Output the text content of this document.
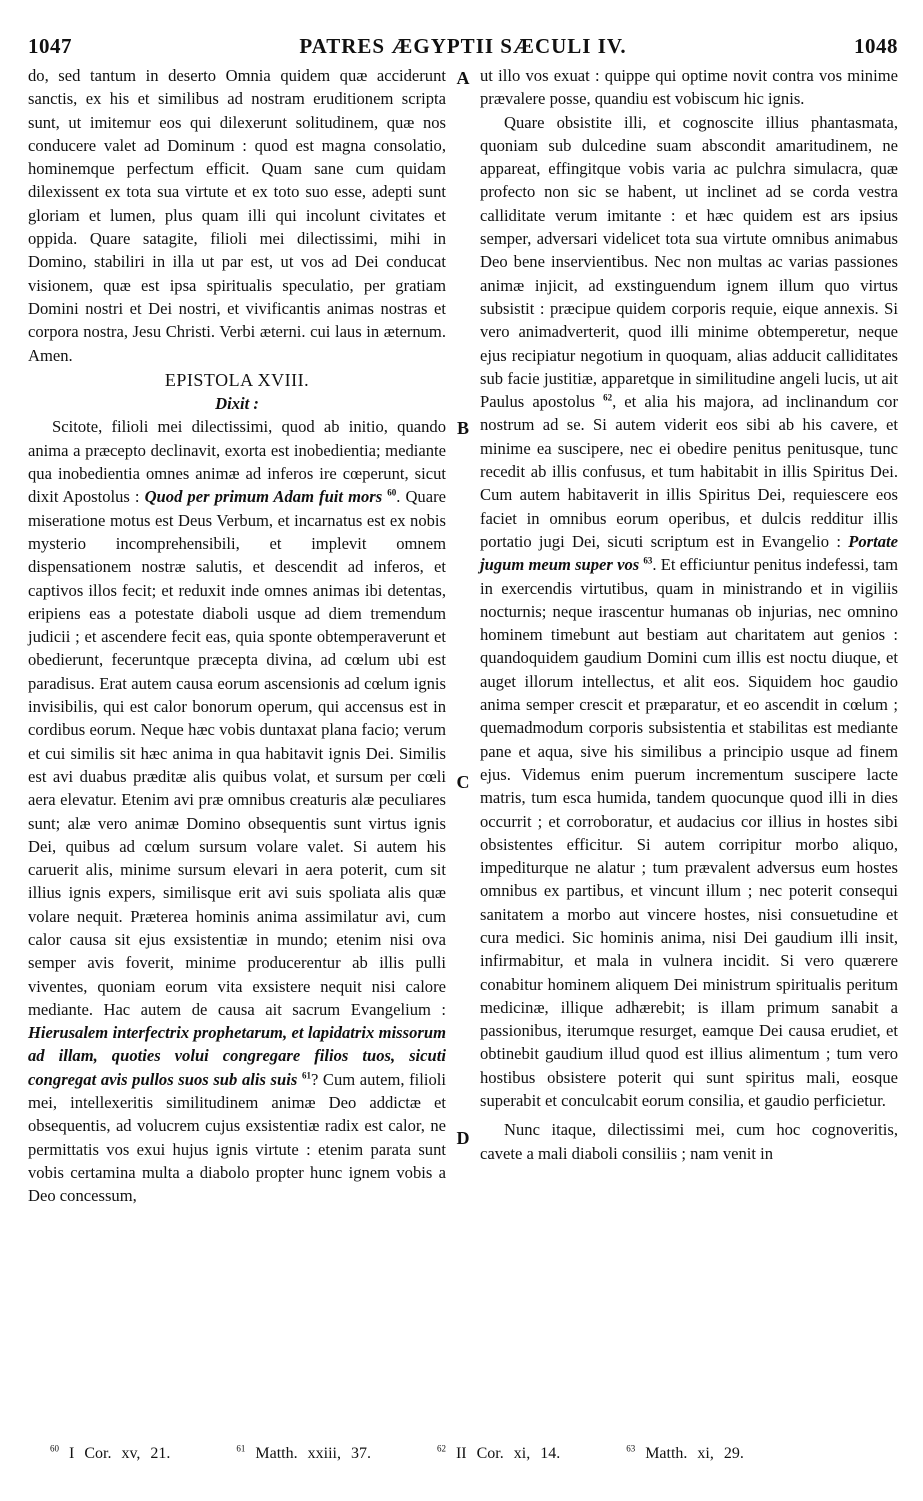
1047	PATRES ÆGYPTII SÆCULI IV.	1048

do, sed tantum in deserto Omnia quidem quæ acciderunt sanctis, ex his et similibus ad nostram eruditionem scripta sunt, ut imitemur eos qui dilexerunt solitudinem, quæ nos conducere valet ad Dominum : quod est magna consolatio, hominemque perfectum efficit. Quam sane cum quidam dilexissent ex tota sua virtute et ex toto suo esse, adepti sunt gloriam et lumen, plus quam illi qui incolunt civitates et oppida. Quare satagite, filioli mei dilectissimi, mihi in Domino, stabiliri in illa ut par est, ut vos ad Dei conducat visionem, quæ est ipsa spiritualis speculatio, per gratiam Domini nostri et Dei nostri, et vivificantis animas nostras et corpora nostra, Jesu Christi. Verbi æterni. cui laus in æternum. Amen.

EPISTOLA XVIII.

Dixit :

Scitote, filioli mei dilectissimi, quod ab initio, quando anima a præcepto declinavit, exorta est inobedientia; mediante qua inobedientia omnes animæ ad inferos ire cœperunt, sicut dixit Apostolus : Quod per primum Adam fuit mors $^{60}$. Quare miseratione motus est Deus Verbum, et incarnatus est ex nobis mysterio incomprehensibili, et implevit omnem dispensationem nostræ salutis, et descendit ad inferos, et captivos illos fecit; et reduxit inde omnes animas ibi detentas, eripiens eas a potestate diaboli usque ad diem tremendum judicii ; et ascendere fecit eas, quia sponte obtemperaverunt et obedierunt, feceruntque præcepta divina, ad cœlum ubi est paradisus. Erat autem causa eorum ascensionis ad cœlum ignis invisibilis, qui est calor bonorum operum, qui accensus est in cordibus eorum. Neque hæc vobis duntaxat plana facio; verum et cui similis sit hæc anima in qua habitavit ignis Dei. Similis est avi duabus præditæ alis quibus volat, et sursum per cœli aera elevatur. Etenim avi præ omnibus creaturis alæ peculiares sunt; alæ vero animæ Domino obsequentis sunt virtus ignis Dei, quibus ad cœlum sursum volare valet. Si autem his caruerit alis, minime sursum elevari in aera poterit, cum sit illius ignis expers, similisque erit avi suis spoliata alis quæ volare nequit. Præterea hominis anima assimilatur avi, cum calor causa sit ejus exsistentiæ in mundo; etenim nisi ova semper avis foverit, minime producerentur ab illis pulli viventes, quoniam eorum vita exsistere nequit nisi calore mediante. Hac autem de causa ait sacrum Evangelium : Hierusalem interfectrix prophetarum, et lapidatrix missorum ad illam, quoties volui congregare filios tuos, sicuti congregat avis pullos suos sub alis suis $^{61}$? Cum autem, filioli mei, intellexeritis similitudinem animæ Deo addictæ et obsequentis, ad volucrem cujus exsistentiæ radix est calor, ne permittatis vos exui hujus ignis virtute : etenim parata sunt vobis certamina multa a diabolo propter hunc ignem vobis a Deo concessum,

A
B
C
D

ut illo vos exuat : quippe qui optime novit contra vos minime prævalere posse, quandiu est vobiscum hic ignis.

Quare obsistite illi, et cognoscite illius phantasmata, quoniam sub dulcedine suam abscondit amaritudinem, ne appareat, effingitque vobis varia ac pulchra simulacra, quæ profecto non sic se habent, ut inclinet ad se corda vestra calliditate verum imitante : et hæc quidem est ars ipsius semper, adversari videlicet tota sua virtute omnibus animabus Deo bene inservientibus. Nec non multas ac varias passiones animæ injicit, ad exstinguendum ignem illum quo virtus subsistit : præcipue quidem corporis requie, eique annexis. Si vero animadverterit, quod illi minime obtemperetur, neque ejus recipiatur negotium in quoquam, alias adducit calliditates sub facie justitiæ, apparetque in similitudine angeli lucis, ut ait Paulus apostolus $^{62}$, et alia his majora, ad inclinandum cor nostrum ad se. Si autem viderit eos sibi ab his cavere, et minime ea suscipere, nec ei obedire penitus penitusque, tunc recedit ab illis confusus, et tum habitabit in illis Spiritus Dei. Cum autem habitaverit in illis Spiritus Dei, requiescere eos faciet in omnibus eorum operibus, et dulcis redditur illis portatio jugi Dei, sicuti scriptum est in Evangelio : Portate jugum meum super vos $^{63}$. Et efficiuntur penitus indefessi, tam in exercendis virtutibus, quam in ministrando et in vigiliis nocturnis; neque irascentur humanas ob injurias, nec omnino hominem timebunt aut bestiam aut charitatem aut genios : quandoquidem gaudium Domini cum illis est noctu diuque, et auget illorum intellectus, et alit eos. Siquidem hoc gaudio anima semper crescit et præparatur, et eo ascendit in cœlum ; quemadmodum corporis subsistentia et stabilitas est mediante pane et aqua, sive his similibus a principio usque ad finem ejus. Videmus enim puerum incrementum suscipere lacte matris, tum esca humida, tandem quocunque quod illi in dies occurrit ; et corroboratur, et audacius cor illius in hostes sibi obsistentes efficitur. Si autem corripitur morbo aliquo, impediturque ne alatur ; tum prævalent adversus eum hostes omnibus ex partibus, et vincunt illum ; nec poterit consequi sanitatem a morbo aut vincere hostes, nisi consuetudine et cura medici. Sic hominis anima, nisi Dei gaudium illi insit, infirmabitur, et mala in vulnera incidit. Si vero quærere conabitur hominem aliquem Dei ministrum spiritualis peritum medicinæ, illique adhærebit; is illam primum sanabit a passionibus, iterumque resurget, eamque Dei causa erudiet, et obtinebit gaudium illud quod est illius alimentum ; tum vero hostibus obsistere poterit qui sunt spiritus mali, eosque superabit et conculcabit eorum consilia, et gaudio perficietur.

Nunc itaque, dilectissimi mei, cum hoc cognoveritis, cavete a mali diaboli consiliis ; nam venit in

$^{60}$ I Cor. xv, 21.	$^{61}$ Matth. xxiii, 37.	$^{62}$ II Cor. xi, 14.	$^{63}$ Matth. xi, 29.
